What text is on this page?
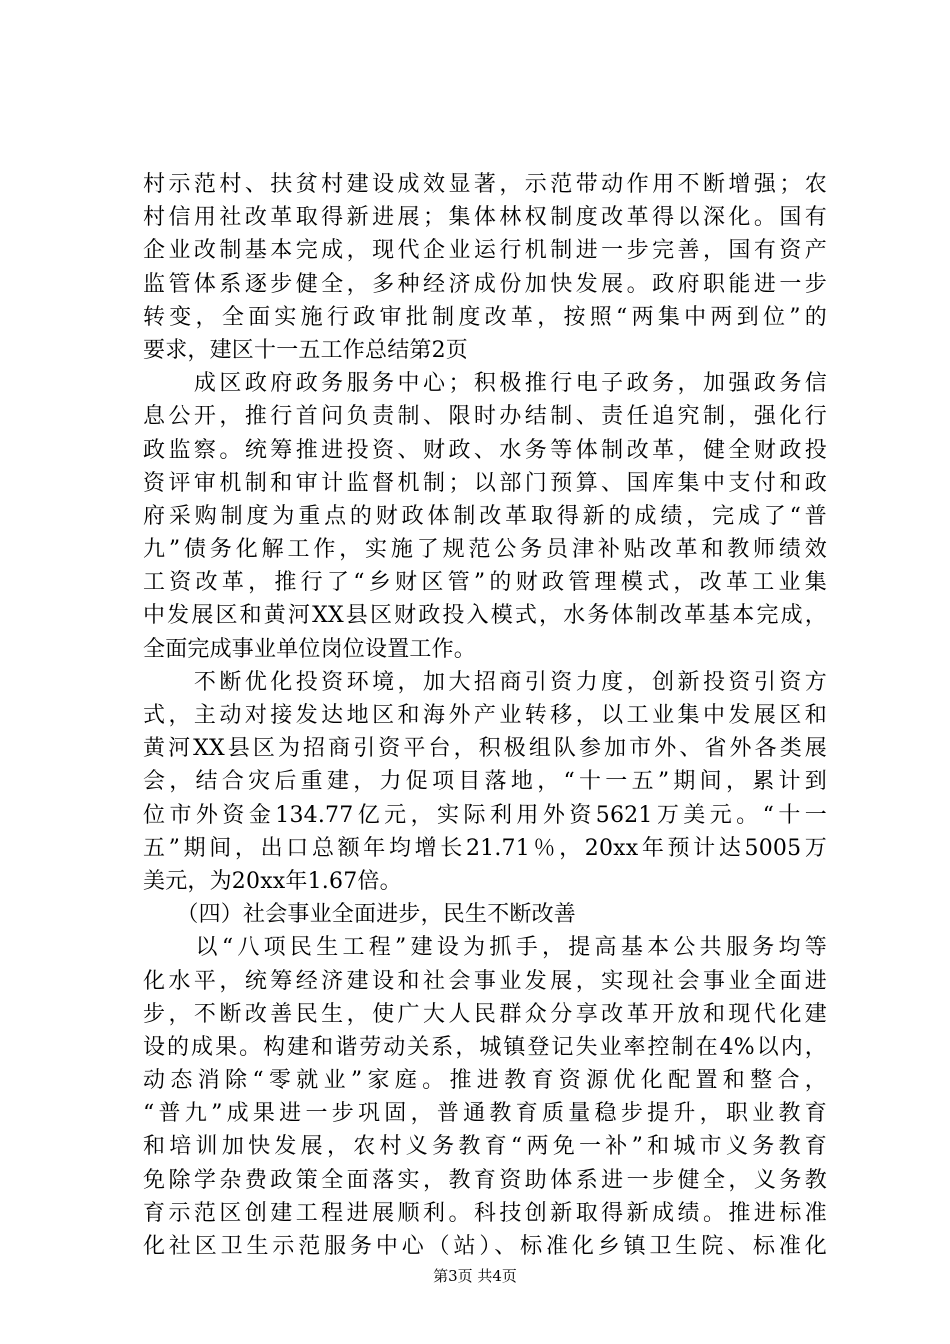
村示范村、扶贫村建设成效显著，示范带动作用不断增强；农
村信用社改革取得新进展；集体林权制度改革得以深化。国有
企业改制基本完成，现代企业运行机制进一步完善，国有资产
监管体系逐步健全，多种经济成份加快发展。政府职能进一步
转变，全面实施行政审批制度改革，按照“两集中两到位”的
要求，建区十一五工作总结第2页
　　成区政府政务服务中心；积极推行电子政务，加强政务信
息公开，推行首问负责制、限时办结制、责任追究制，强化行
政监察。统筹推进投资、财政、水务等体制改革，健全财政投
资评审机制和审计监督机制；以部门预算、国库集中支付和政
府采购制度为重点的财政体制改革取得新的成绩，完成了“普
九”债务化解工作，实施了规范公务员津补贴改革和教师绩效
工资改革，推行了“乡财区管”的财政管理模式，改革工业集
中发展区和黄河XX县区财政投入模式，水务体制改革基本完成，
全面完成事业单位岗位设置工作。
　　不断优化投资环境，加大招商引资力度，创新投资引资方
式，主动对接发达地区和海外产业转移，以工业集中发展区和
黄河XX县区为招商引资平台，积极组队参加市外、省外各类展
会，结合灾后重建，力促项目落地，“十一五”期间，累计到
位市外资金134.77亿元，实际利用外资5621万美元。“十一
五”期间，出口总额年均增长21.71％，20xx年预计达5005万
美元，为20xx年1.67倍。
　　（四）社会事业全面进步，民生不断改善
　　以“八项民生工程”建设为抓手，提高基本公共服务均等
化水平，统筹经济建设和社会事业发展，实现社会事业全面进
步，不断改善民生，使广大人民群众分享改革开放和现代化建
设的成果。构建和谐劳动关系，城镇登记失业率控制在4%以内，
动态消除“零就业”家庭。推进教育资源优化配置和整合，
“普九”成果进一步巩固，普通教育质量稳步提升，职业教育
和培训加快发展，农村义务教育“两免一补”和城市义务教育
免除学杂费政策全面落实，教育资助体系进一步健全，义务教
育示范区创建工程进展顺利。科技创新取得新成绩。推进标准
化社区卫生示范服务中心（站）、标准化乡镇卫生院、标准化
第3页 共4页
